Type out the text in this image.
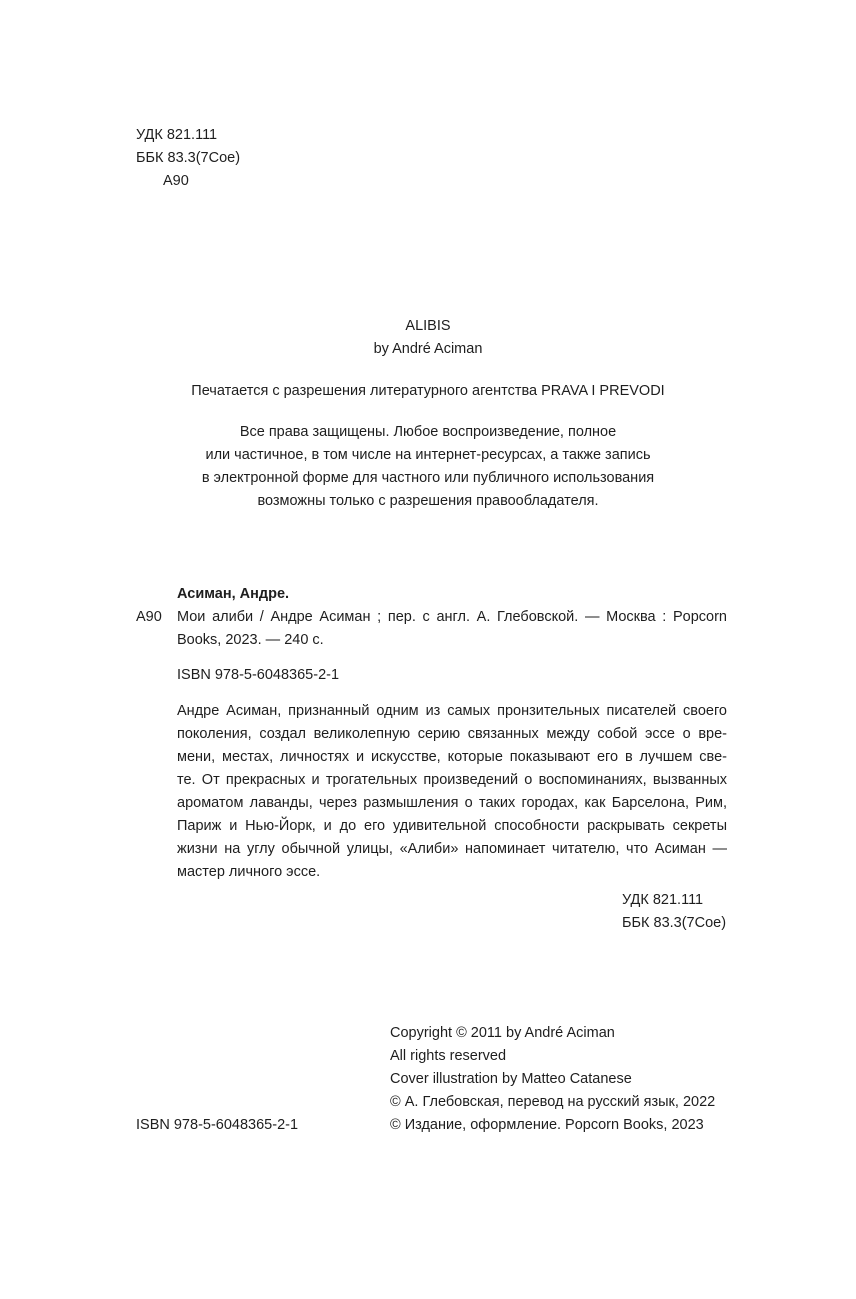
УДК 821.111
ББК 83.3(7Сое)
А90
ALIBIS
by André Aciman
Печатается с разрешения литературного агентства PRAVA I PREVODI
Все права защищены. Любое воспроизведение, полное
или частичное, в том числе на интернет-ресурсах, а также запись
в электронной форме для частного или публичного использования
возможны только с разрешения правообладателя.
Асиман, Андре.
А90 Мои алиби / Андре Асиман ; пер. с англ. А. Глебовской. — Москва : Popcorn
Books, 2023. — 240 с.
ISBN 978-5-6048365-2-1
Андре Асиман, признанный одним из самых пронзительных писателей своего
поколения, создал великолепную серию связанных между собой эссе о вре-
мени, местах, личностях и искусстве, которые показывают его в лучшем све-
те. От прекрасных и трогательных произведений о воспоминаниях, вызванных
ароматом лаванды, через размышления о таких городах, как Барселона, Рим,
Париж и Нью-Йорк, и до его удивительной способности раскрывать секреты
жизни на углу обычной улицы, «Алиби» напоминает читателю, что Асиман —
мастер личного эссе.
УДК 821.111
ББК 83.3(7Сое)
ISBN 978-5-6048365-2-1
Copyright © 2011 by André Aciman
All rights reserved
Cover illustration by Matteo Catanese
© А. Глебовская, перевод на русский язык, 2022
© Издание, оформление. Popcorn Books, 2023
